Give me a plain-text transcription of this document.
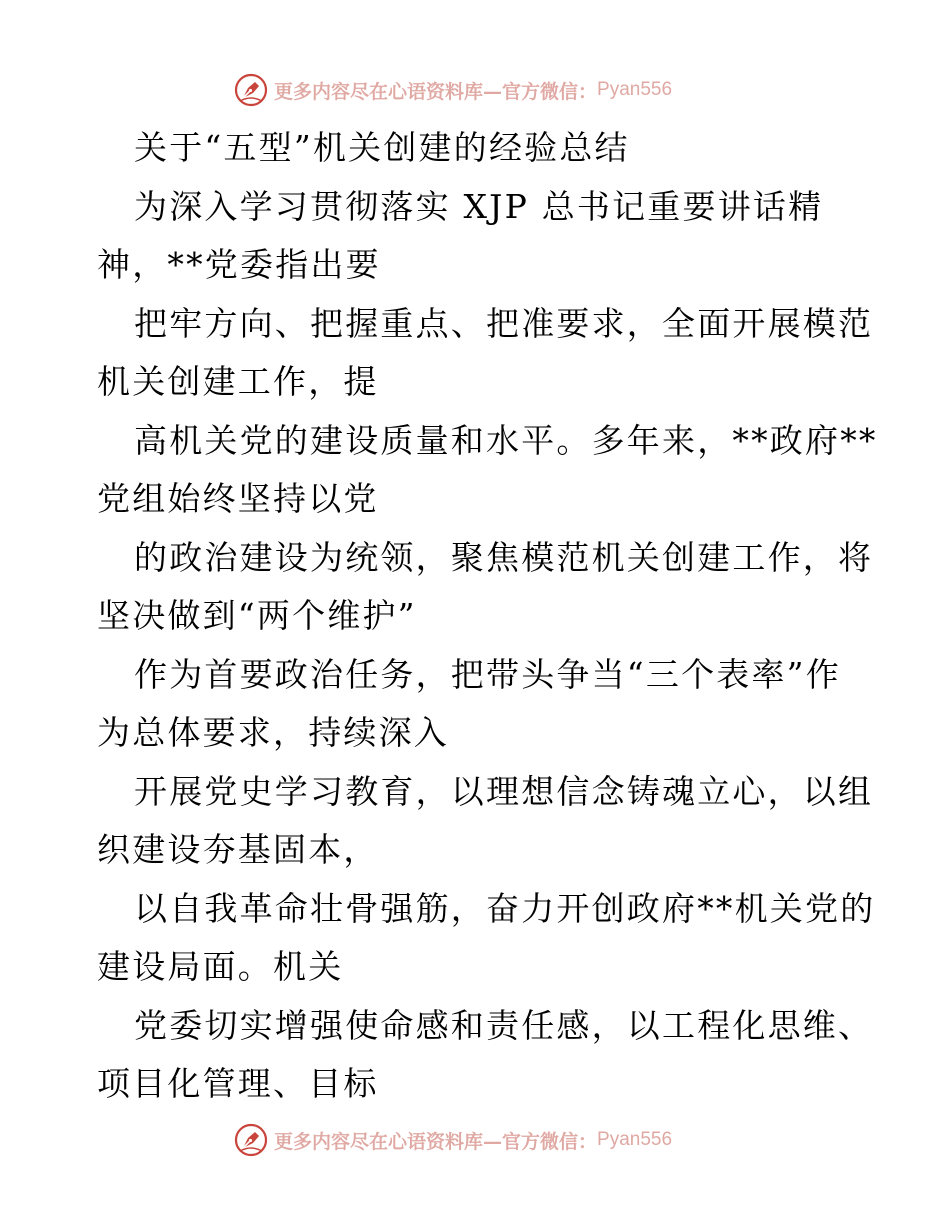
更多内容尽在心语资料库—官方微信： Pyan556
关于“五型”机关创建的经验总结
为深入学习贯彻落实 XJP 总书记重要讲话精
神，**党委指出要
把牢方向、把握重点、把准要求，全面开展模范
机关创建工作，提
高机关党的建设质量和水平。多年来，**政府**
党组始终坚持以党
的政治建设为统领，聚焦模范机关创建工作，将
坚决做到“两个维护”
作为首要政治任务，把带头争当“三个表率”作
为总体要求，持续深入
开展党史学习教育，以理想信念铸魂立心，以组
织建设夯基固本，
以自我革命壮骨强筋，奋力开创政府**机关党的
建设局面。机关
党委切实增强使命感和责任感，以工程化思维、
项目化管理、目标
更多内容尽在心语资料库—官方微信： Pyan556
